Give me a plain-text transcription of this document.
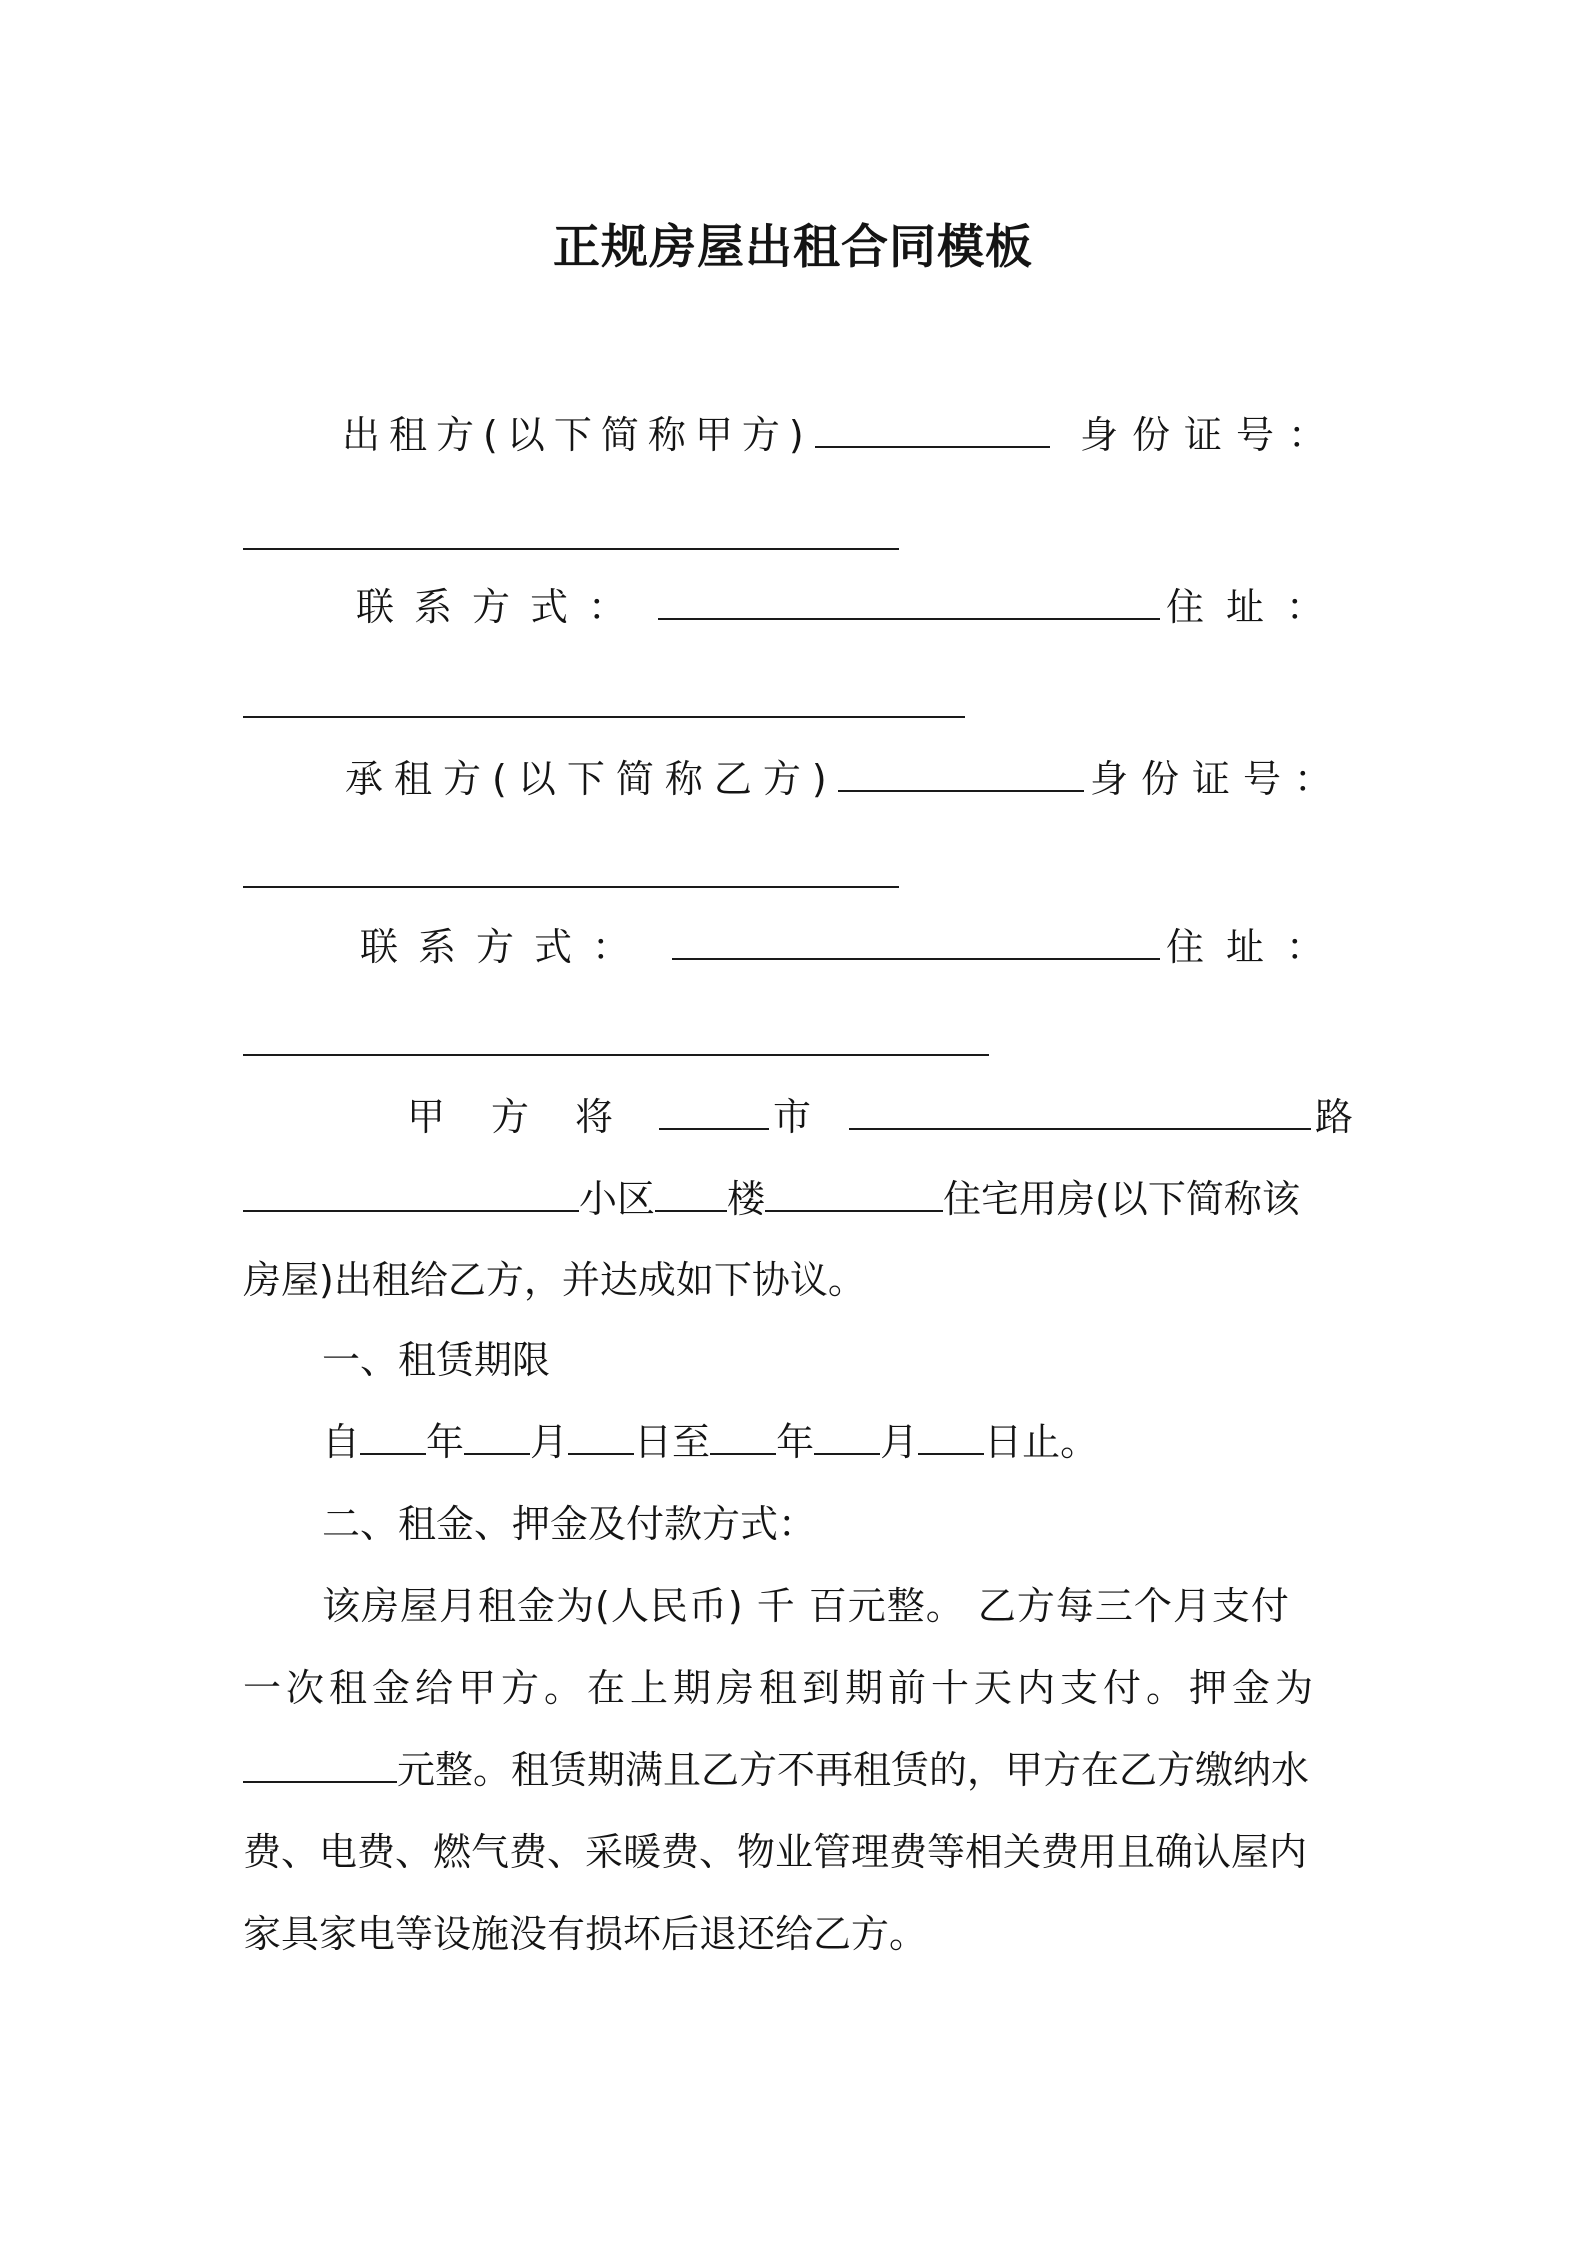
正规房屋出租合同模板
出租方(以下简称甲方)	身份证号：
联系方式：	住址：
承租方(以下简称乙方)	身份证号：
联系方式：	住址：
甲方将	市	路
小区 楼	住宅用房(以下简称该
房屋)出租给乙方，并达成如下协议。
一、租赁期限
自 年 月 日至 年 月 日止。
二、租金、押金及付款方式：
该房屋月租金为(人民币) 千 百元整。 乙方每三个月支付
一次租金给甲方。在上期房租到期前十天内支付。押金为
元整。租赁期满且乙方不再租赁的，甲方在乙方缴纳水
费、电费、燃气费、采暖费、物业管理费等相关费用且确认屋内
家具家电等设施没有损坏后退还给乙方。
